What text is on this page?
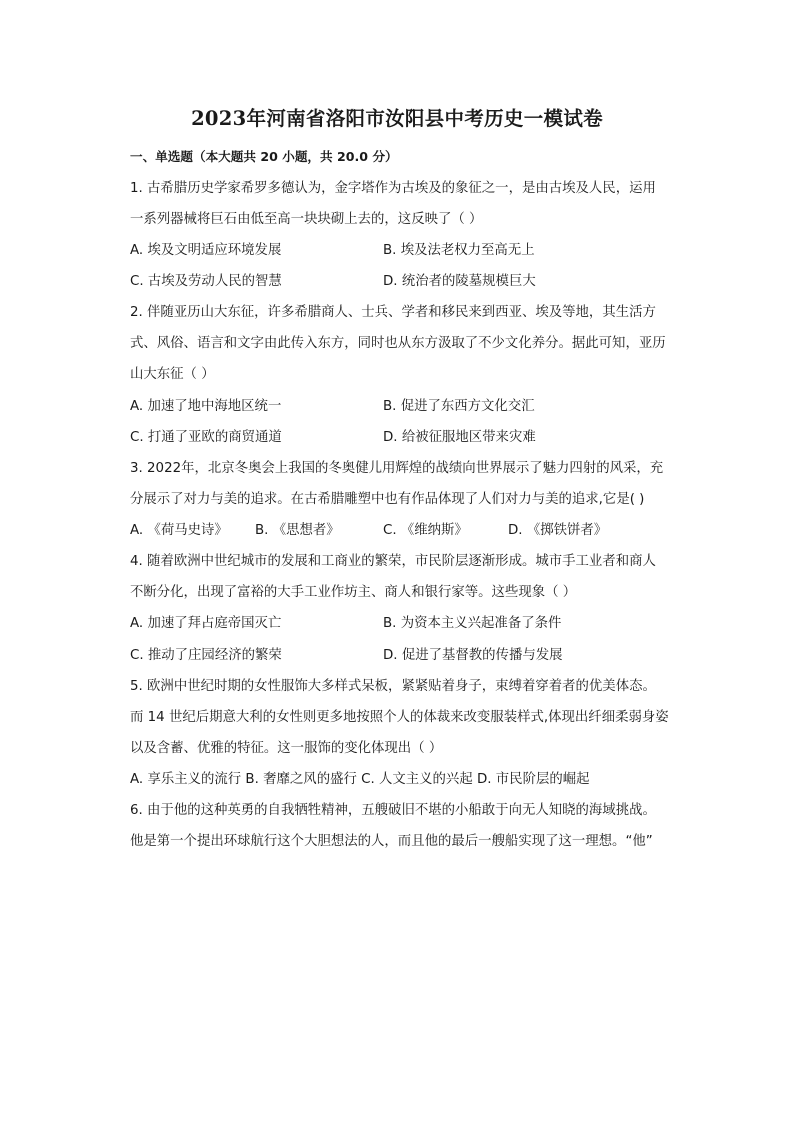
2023年河南省洛阳市汝阳县中考历史一模试卷
一、单选题（本大题共 20 小题，共 20.0 分）
1. 古希腊历史学家希罗多德认为，金字塔作为古埃及的象征之一，是由古埃及人民，运用
一系列器械将巨石由低至高一块块砌上去的，这反映了（ ）
A. 埃及文明适应环境发展	B. 埃及法老权力至高无上
C. 古埃及劳动人民的智慧	D. 统治者的陵墓规模巨大
2. 伴随亚历山大东征，许多希腊商人、士兵、学者和移民来到西亚、埃及等地，其生活方
式、风俗、语言和文字由此传入东方，同时也从东方汲取了不少文化养分。据此可知，亚历
山大东征（ ）
A. 加速了地中海地区统一	B. 促进了东西方文化交汇
C. 打通了亚欧的商贸通道	D. 给被征服地区带来灾难
3. 2022年，北京冬奥会上我国的冬奥健儿用辉煌的战绩向世界展示了魅力四射的风采，充
分展示了对力与美的追求。在古希腊雕塑中也有作品体现了人们对力与美的追求,它是( )
A. 《荷马史诗》 B. 《思想者》	C. 《维纳斯》	D. 《掷铁饼者》
4. 随着欧洲中世纪城市的发展和工商业的繁荣，市民阶层逐渐形成。城市手工业者和商人
不断分化，出现了富裕的大手工业作坊主、商人和银行家等。这些现象（ ）
A. 加速了拜占庭帝国灭亡	B. 为资本主义兴起准备了条件
C. 推动了庄园经济的繁荣	D. 促进了基督教的传播与发展
5. 欧洲中世纪时期的女性服饰大多样式呆板，紧紧贴着身子，束缚着穿着者的优美体态。
而 14 世纪后期意大利的女性则更多地按照个人的体裁来改变服装样式,体现出纤细柔弱身姿
以及含蓄、优雅的特征。这一服饰的变化体现出（ ）
A. 享乐主义的流行 B. 奢靡之风的盛行 C. 人文主义的兴起 D. 市民阶层的崛起
6. 由于他的这种英勇的自我牺牲精神，五艘破旧不堪的小船敢于向无人知晓的海域挑战。
他是第一个提出环球航行这个大胆想法的人，而且他的最后一艘船实现了这一理想。“他”
